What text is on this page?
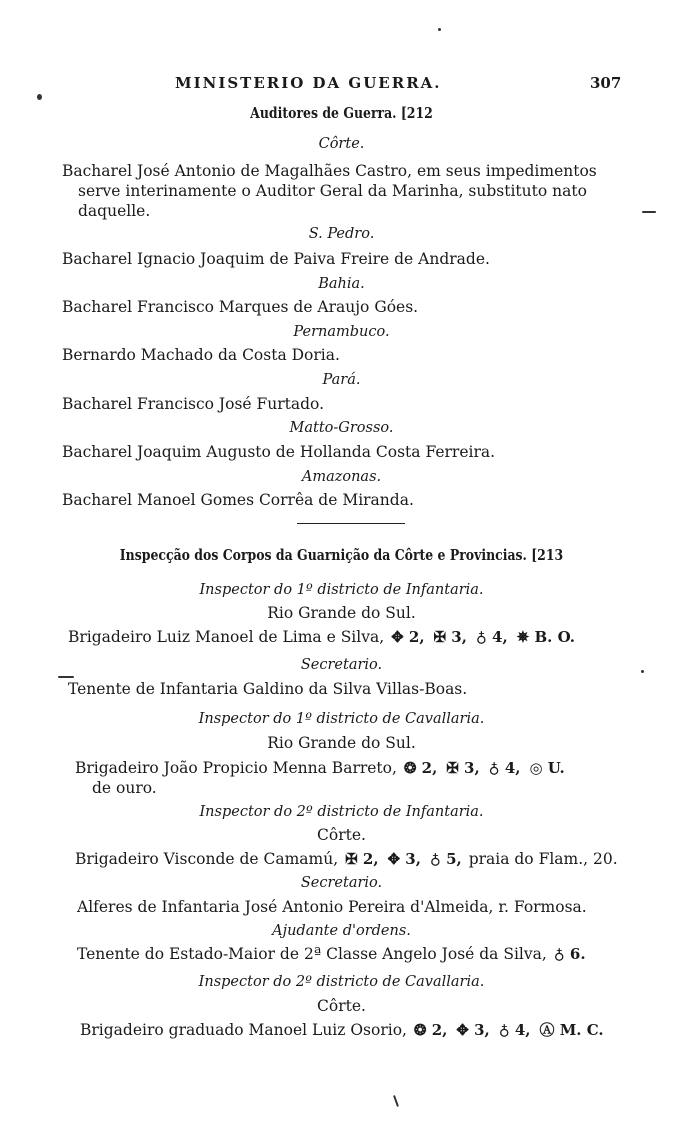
MINISTERIO DA GUERRA.	307
Auditores de Guerra. [212
Côrte.
Bacharel José Antonio de Magalhães Castro, em seus impedimentos
serve interinamente o Auditor Geral da Marinha, substituto nato
daquelle.
S. Pedro.
Bacharel Ignacio Joaquim de Paiva Freire de Andrade.
Bahia.
Bacharel Francisco Marques de Araujo Góes.
Pernambuco.
Bernardo Machado da Costa Doria.
Pará.
Bacharel Francisco José Furtado.
Matto-Grosso.
Bacharel Joaquim Augusto de Hollanda Costa Ferreira.
Amazonas.
Bacharel Manoel Gomes Corrêa de Miranda.
Inspecção dos Corpos da Guarnição da Côrte e Provincias. [213
Inspector do 1º districto de Infantaria.
Rio Grande do Sul.
Brigadeiro Luiz Manoel de Lima e Silva, ✥ 2, ✠ 3, ♁ 4, ✵ B. O.
Secretario.
Tenente de Infantaria Galdino da Silva Villas-Boas.
Inspector do 1º districto de Cavallaria.
Rio Grande do Sul.
Brigadeiro João Propicio Menna Barreto, ❂ 2, ✠ 3, ♁ 4, ◎ U.
de ouro.
Inspector do 2º districto de Infantaria.
Côrte.
Brigadeiro Visconde de Camamú, ✠ 2, ✥ 3, ♁ 5, praia do Flam., 20.
Secretario.
Alferes de Infantaria José Antonio Pereira d'Almeida, r. Formosa.
Ajudante d'ordens.
Tenente do Estado-Maior de 2ª Classe Angelo José da Silva, ♁ 6.
Inspector do 2º districto de Cavallaria.
Côrte.
Brigadeiro graduado Manoel Luiz Osorio, ❂ 2, ✥ 3, ♁ 4, Ⓐ M. C.
